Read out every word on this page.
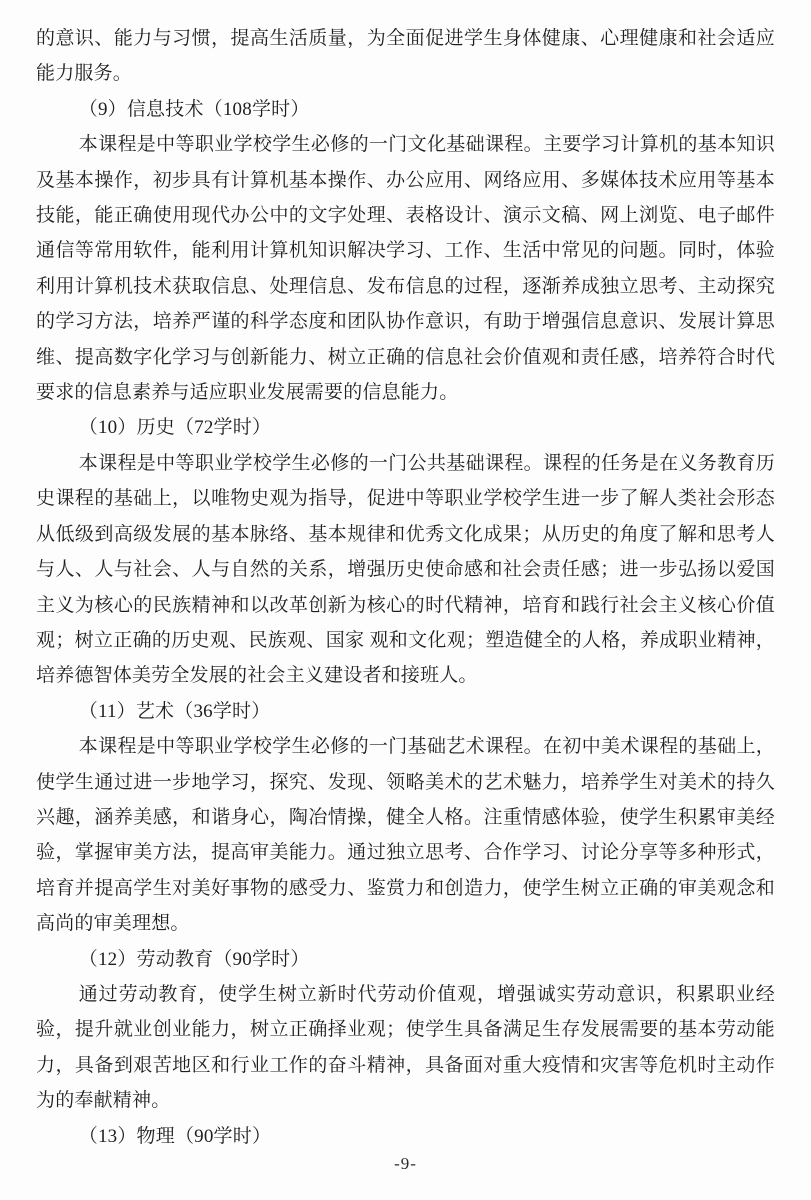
的意识、能力与习惯，提高生活质量，为全面促进学生身体健康、心理健康和社会适应能力服务。

（9）信息技术（108学时）

本课程是中等职业学校学生必修的一门文化基础课程。主要学习计算机的基本知识及基本操作，初步具有计算机基本操作、办公应用、网络应用、多媒体技术应用等基本技能，能正确使用现代办公中的文字处理、表格设计、演示文稿、网上浏览、电子邮件通信等常用软件，能利用计算机知识解决学习、工作、生活中常见的问题。同时，体验利用计算机技术获取信息、处理信息、发布信息的过程，逐渐养成独立思考、主动探究的学习方法，培养严谨的科学态度和团队协作意识，有助于增强信息意识、发展计算思维、提高数字化学习与创新能力、树立正确的信息社会价值观和责任感，培养符合时代要求的信息素养与适应职业发展需要的信息能力。

（10）历史（72学时）

本课程是中等职业学校学生必修的一门公共基础课程。课程的任务是在义务教育历史课程的基础上，以唯物史观为指导，促进中等职业学校学生进一步了解人类社会形态从低级到高级发展的基本脉络、基本规律和优秀文化成果；从历史的角度了解和思考人与人、人与社会、人与自然的关系，增强历史使命感和社会责任感；进一步弘扬以爱国主义为核心的民族精神和以改革创新为核心的时代精神，培育和践行社会主义核心价值观；树立正确的历史观、民族观、国家 观和文化观；塑造健全的人格，养成职业精神，培养德智体美劳全发展的社会主义建设者和接班人。

（11）艺术（36学时）

本课程是中等职业学校学生必修的一门基础艺术课程。在初中美术课程的基础上，使学生通过进一步地学习，探究、发现、领略美术的艺术魅力，培养学生对美术的持久兴趣，涵养美感，和谐身心，陶冶情操，健全人格。注重情感体验，使学生积累审美经验，掌握审美方法，提高审美能力。通过独立思考、合作学习、讨论分享等多种形式，培育并提高学生对美好事物的感受力、鉴赏力和创造力，使学生树立正确的审美观念和高尚的审美理想。

（12）劳动教育（90学时）

通过劳动教育，使学生树立新时代劳动价值观，增强诚实劳动意识，积累职业经验，提升就业创业能力，树立正确择业观；使学生具备满足生存发展需要的基本劳动能力，具备到艰苦地区和行业工作的奋斗精神，具备面对重大疫情和灾害等危机时主动作为的奉献精神。

（13）物理（90学时）

-9-
